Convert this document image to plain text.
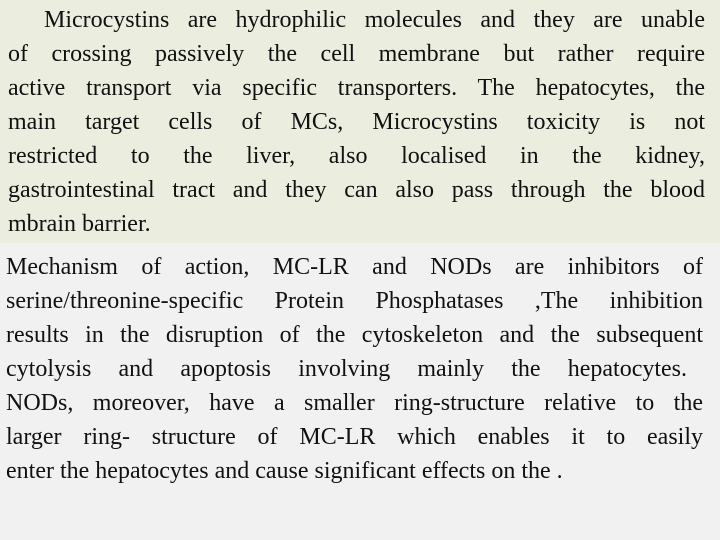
Microcystins are hydrophilic molecules and they are unable
of crossing passively the cell membrane but rather require
active transport via specific transporters. The hepatocytes, the
main target cells of MCs, Microcystins toxicity is not
restricted to the liver, also localised in the kidney,
gastrointestinal tract and they can also pass through the blood
mbrain barrier.
Mechanism of action, MC-LR and NODs are inhibitors of
serine/threonine-specific Protein Phosphatases ,The inhibition
results in the disruption of the cytoskeleton and the subsequent
cytolysis and apoptosis involving mainly the hepatocytes.
NODs, moreover, have a smaller ring-structure relative to the
larger ring- structure of MC-LR which enables it to easily
enter the hepatocytes and cause significant effects on the .
